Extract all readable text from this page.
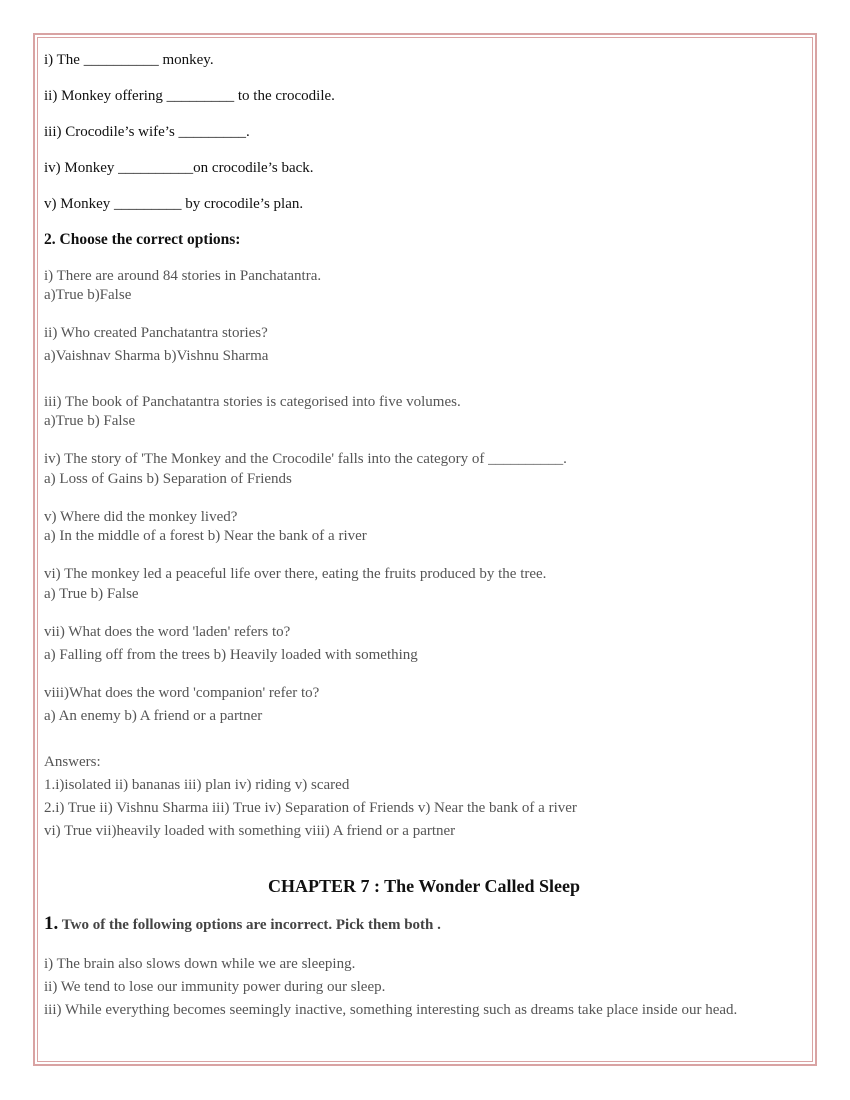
i) The __________ monkey.
ii) Monkey offering _________ to the crocodile.
iii) Crocodile’s wife’s _________.
iv) Monkey __________on crocodile’s back.
v) Monkey _________ by crocodile’s plan.
2. Choose the correct options:
i) There are around 84 stories in Panchatantra.
a)True b)False
ii) Who created Panchatantra stories?
a)Vaishnav Sharma b)Vishnu Sharma
iii) The book of Panchatantra stories is categorised into five volumes.
a)True b) False
iv) The story of 'The Monkey and the Crocodile' falls into the category of __________.
a) Loss of Gains b) Separation of Friends
v) Where did the monkey lived?
a) In the middle of a forest b) Near the bank of a river
vi) The monkey led a peaceful life over there, eating the fruits produced by the tree.
a) True b) False
vii) What does the word 'laden' refers to?
a) Falling off from the trees b) Heavily loaded with something
viii)What does the word 'companion' refer to?
a) An enemy b) A friend or a partner
Answers:
1.i)isolated ii) bananas iii) plan iv) riding v) scared
2.i) True ii) Vishnu Sharma iii) True iv) Separation of Friends v) Near the bank of a river
vi) True vii)heavily loaded with something viii) A friend or a partner
CHAPTER 7 : The Wonder Called Sleep
1. Two of the following options are incorrect. Pick them both .
i) The brain also slows down while we are sleeping.
ii) We tend to lose our immunity power during our sleep.
iii) While everything becomes seemingly inactive, something interesting such as dreams take place inside our head.
